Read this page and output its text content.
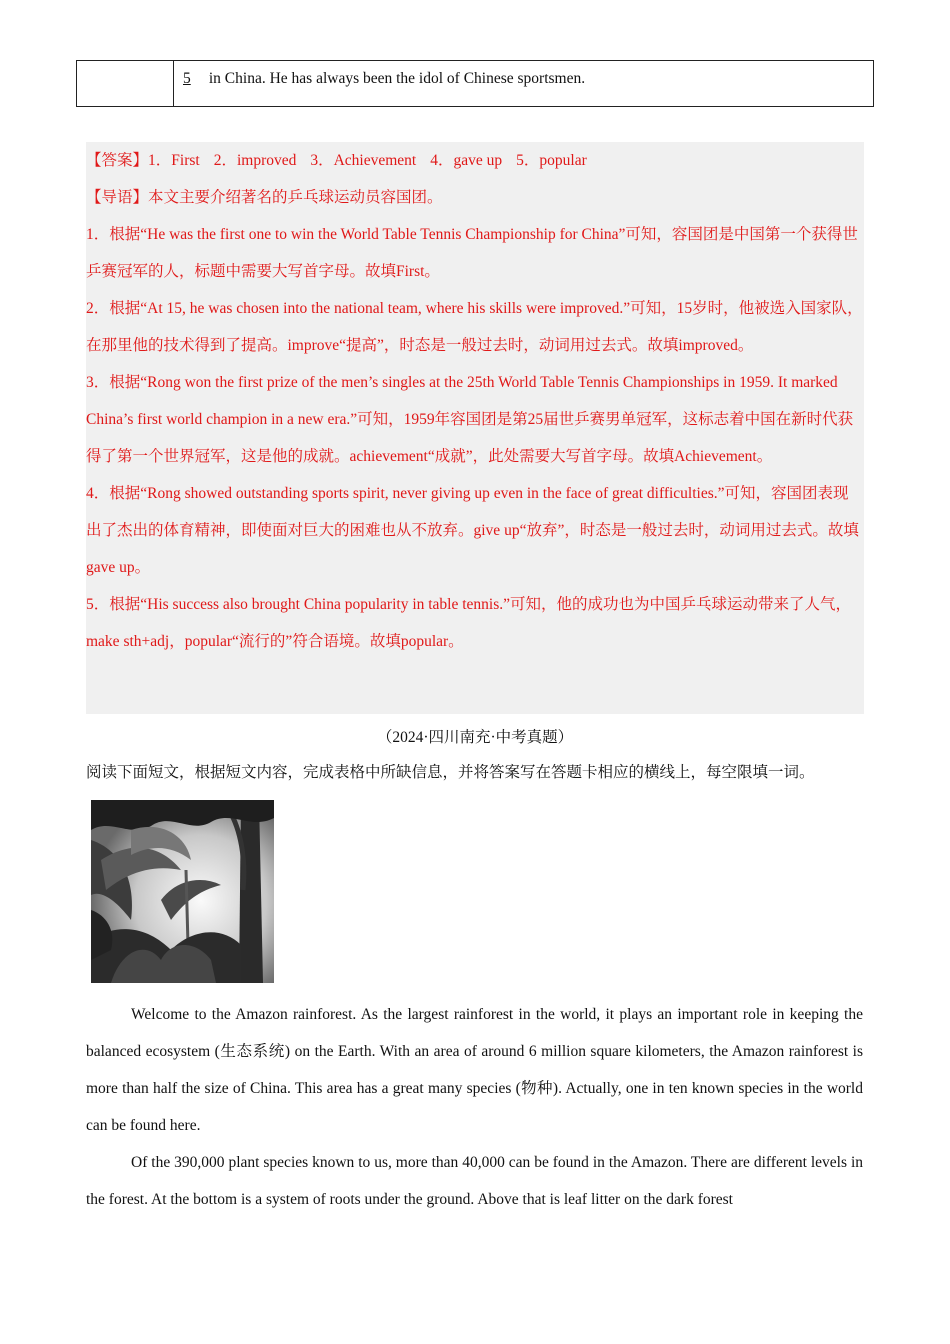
5 in China. He has always been the idol of Chinese sportsmen.

【答案】1．First 2．improved 3．Achievement 4．gave up 5．popular

【导语】本文主要介绍著名的乒乓球运动员容国团。

1．根据“He was the first one to win the World Table Tennis Championship for China”可知，容国团是中国第一个获得世乒赛冠军的人，标题中需要大写首字母。故填First。

2．根据“At 15, he was chosen into the national team, where his skills were improved.”可知，15岁时，他被选入国家队，在那里他的技术得到了提高。improve“提高”，时态是一般过去时，动词用过去式。故填improved。

3．根据“Rong won the first prize of the men’s singles at the 25th World Table Tennis Championships in 1959. It marked China’s first world champion in a new era.”可知，1959年容国团是第25届世乒赛男单冠军，这标志着中国在新时代获得了第一个世界冠军，这是他的成就。achievement“成就”，此处需要大写首字母。故填Achievement。

4．根据“Rong showed outstanding sports spirit, never giving up even in the face of great difficulties.”可知，容国团表现出了杰出的体育精神，即使面对巨大的困难也从不放弃。give up“放弃”，时态是一般过去时，动词用过去式。故填gave up。

5．根据“His success also brought China popularity in table tennis.”可知，他的成功也为中国乒乓球运动带来了人气，make sth+adj，popular“流行的”符合语境。故填popular。

（2024·四川南充·中考真题）
阅读下面短文，根据短文内容，完成表格中所缺信息，并将答案写在答题卡相应的横线上，每空限填一词。

Welcome to the Amazon rainforest. As the largest rainforest in the world, it plays an important role in keeping the balanced ecosystem (生态系统) on the Earth. With an area of around 6 million square kilometers, the Amazon rainforest is more than half the size of China. This area has a great many species (物种). Actually, one in ten known species in the world can be found here.

Of the 390,000 plant species known to us, more than 40,000 can be found in the Amazon. There are different levels in the forest. At the bottom is a system of roots under the ground. Above that is leaf litter on the dark forest
